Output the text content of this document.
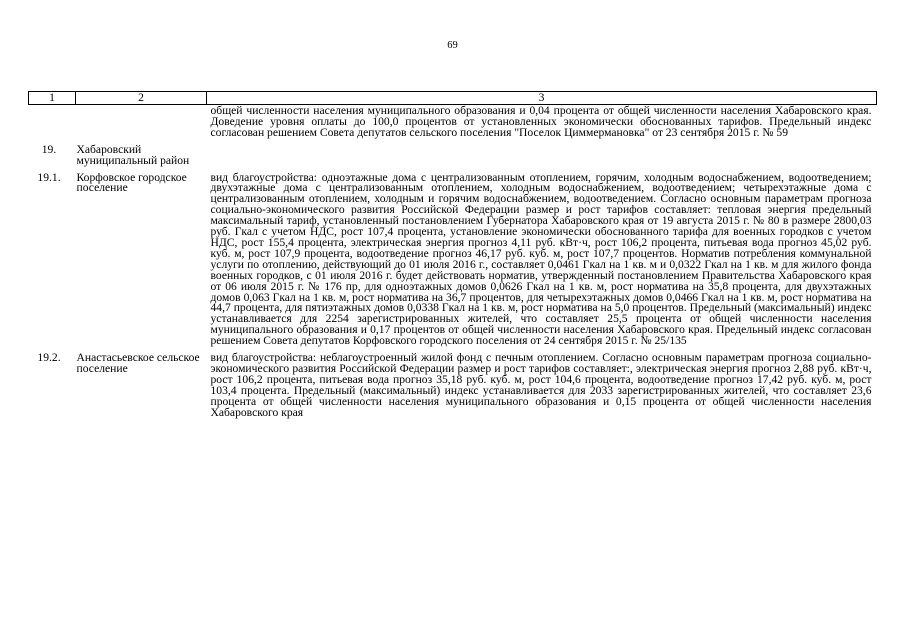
69
1	2	3
		общей численности населения муниципального образования и 0,04 процента от общей численности населения Хабаровского края. Доведение уровня оплаты до 100,0 процентов от установленных экономически обоснованных тарифов. Предельный индекс согласован решением Совета депутатов сельского поселения "Поселок Циммермановка" от 23 сентября 2015 г. № 59
19.	Хабаровский муниципальный район	
19.1.	Корфовское городское поселение	вид благоустройства: одноэтажные дома с централизованным отоплением, горячим, холодным водоснабжением, водоотведением; двухэтажные дома с централизованным отоплением, холодным водоснабжением, водоотведением; четырехэтажные дома с централизованным отоплением, холодным и горячим водоснабжением, водоотведением. Согласно основным параметрам прогноза социально-экономического развития Российской Федерации размер и рост тарифов составляет: тепловая энергия предельный максимальный тариф, установленный постановлением Губернатора Хабаровского края от 19 августа 2015 г. № 80 в размере 2800,03 руб. Гкал с учетом НДС, рост 107,4 процента, установление экономически обоснованного тарифа для военных городков с учетом НДС, рост 155,4 процента, электрическая энергия прогноз 4,11 руб. кВт·ч, рост 106,2 процента, питьевая вода прогноз 45,02 руб. куб. м, рост 107,9 процента, водоотведение прогноз 46,17 руб. куб. м, рост 107,7 процентов. Норматив потребления коммунальной услуги по отоплению, действующий до 01 июля 2016 г., составляет 0,0461 Гкал на 1 кв. м и 0,0322 Гкал на 1 кв. м для жилого фонда военных городков, с 01 июля 2016 г. будет действовать норматив, утвержденный постановлением Правительства Хабаровского края от 06 июля 2015 г. № 176 пр, для одноэтажных домов 0,0626 Гкал на 1 кв. м, рост норматива на 35,8 процента, для двухэтажных домов 0,063 Гкал на 1 кв. м, рост норматива на 36,7 процентов, для четырехэтажных домов 0,0466 Гкал на 1 кв. м, рост норматива на 44,7 процента, для пятиэтажных домов 0,0338 Гкал на 1 кв. м, рост норматива на 5,0 процентов. Предельный (максимальный) индекс устанавливается для 2254 зарегистрированных жителей, что составляет 25,5 процента от общей численности населения муниципального образования и 0,17 процентов от общей численности населения Хабаровского края. Предельный индекс согласован решением Совета депутатов Корфовского городского поселения от 24 сентября 2015 г. № 25/135
19.2.	Анастасьевское сельское поселение	вид благоустройства: неблагоустроенный жилой фонд с печным отоплением. Согласно основным параметрам прогноза социально-экономического развития Российской Федерации размер и рост тарифов составляет:, электрическая энергия прогноз 2,88 руб. кВт·ч, рост 106,2 процента, питьевая вода прогноз 35,18 руб. куб. м, рост 104,6 процента, водоотведение прогноз 17,42 руб. куб. м, рост 103,4 процента. Предельный (максимальный) индекс устанавливается для 2033 зарегистрированных жителей, что составляет 23,6 процента от общей численности населения муниципального образования и 0,15 процента от общей численности населения Хабаровского края
